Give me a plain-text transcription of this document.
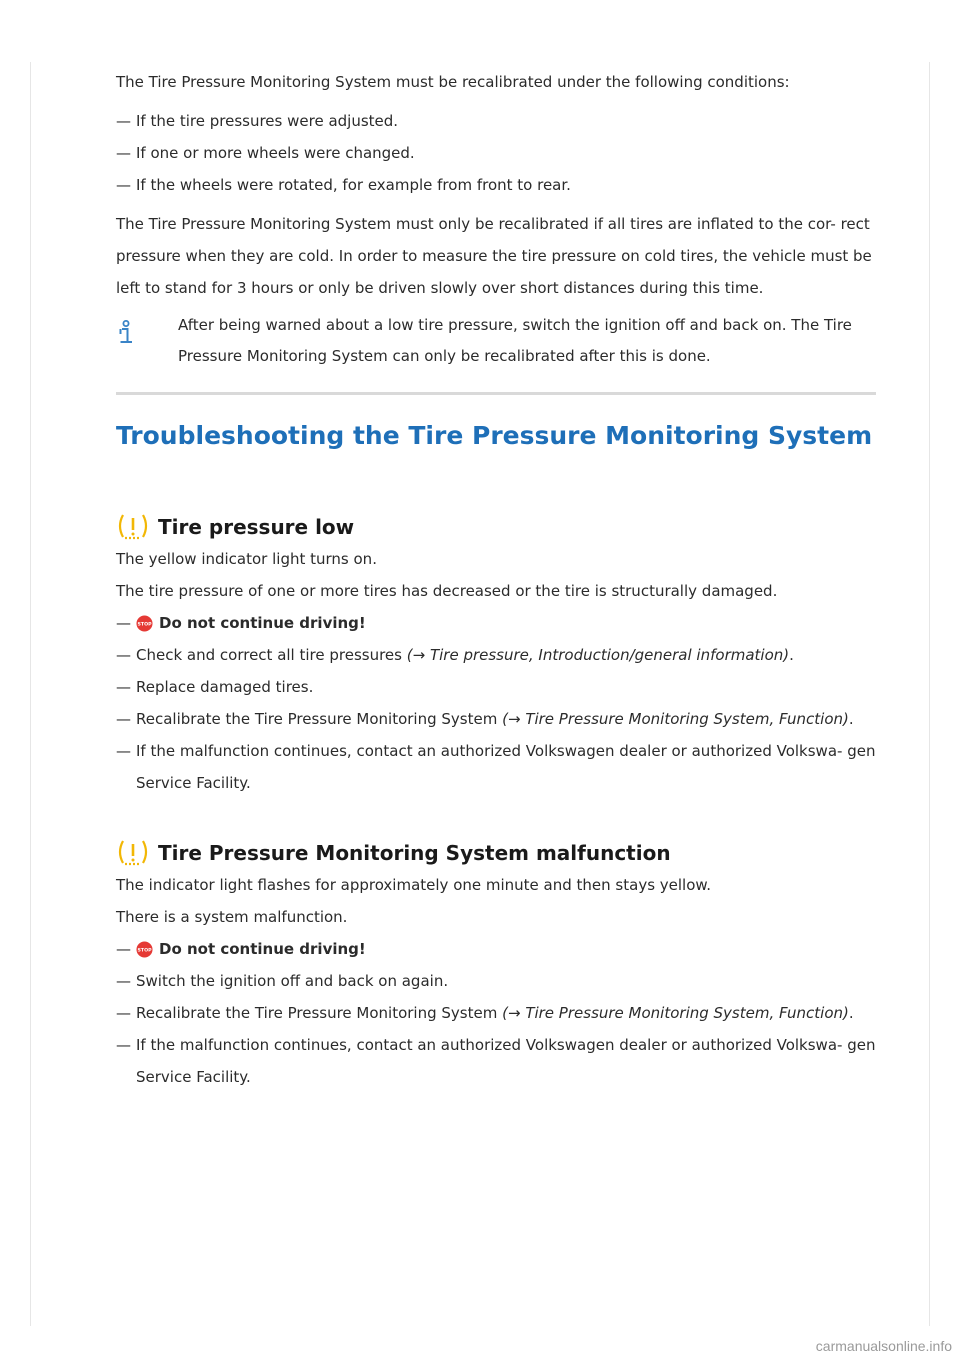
The Tire Pressure Monitoring System must be recalibrated under the following conditions:

— If the tire pressures were adjusted.
— If one or more wheels were changed.
— If the wheels were rotated, for example from front to rear.

The Tire Pressure Monitoring System must only be recalibrated if all tires are inflated to the cor- rect pressure when they are cold. In order to measure the tire pressure on cold tires, the vehicle must be left to stand for 3 hours or only be driven slowly over short distances during this time.

After being warned about a low tire pressure, switch the ignition off and back on. The Tire Pressure Monitoring System can only be recalibrated after this is done.

Troubleshooting the Tire Pressure Monitoring System
Tire pressure low

The yellow indicator light turns on.

The tire pressure of one or more tires has decreased or the tire is structurally damaged.

— STOP Do not continue driving!
— Check and correct all tire pressures (→ Tire pressure, Introduction/general information).
— Replace damaged tires.
— Recalibrate the Tire Pressure Monitoring System (→ Tire Pressure Monitoring System, Function).
— If the malfunction continues, contact an authorized Volkswagen dealer or authorized Volkswa- gen Service Facility.
Tire Pressure Monitoring System malfunction

The indicator light flashes for approximately one minute and then stays yellow.

There is a system malfunction.

— STOP Do not continue driving!
— Switch the ignition off and back on again.
— Recalibrate the Tire Pressure Monitoring System (→ Tire Pressure Monitoring System, Function).
— If the malfunction continues, contact an authorized Volkswagen dealer or authorized Volkswa- gen Service Facility.
carmanualsonline.info
